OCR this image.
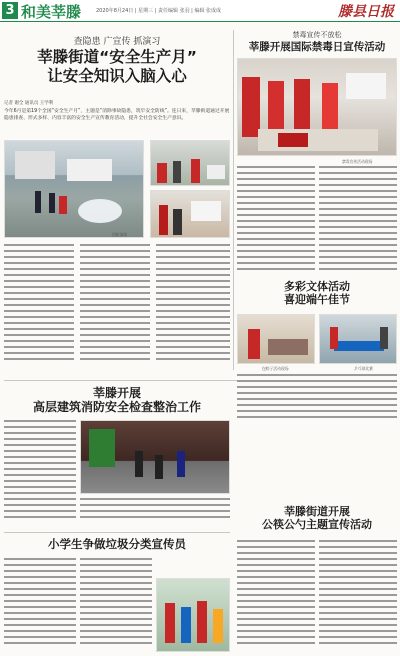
3 和美莘滕	2020年8月24日 | 星期三 | 责任编辑 张羽 | 编辑 张成成	滕县日报
查隐患 广宣传 抓演习
莘滕街道“安全生产月”
让安全知识入脑入心
记者 谢全 通讯员 王学利
今年6月是第19个全国“安全生产月”，主题是“消除事故隐患，筑牢安全防线”。连日来，莘滕街道通过开展隐患排查、形式多样、内容丰富的安全生产宣传教育活动，提升全社会安全生产意识。
消防演练
禁毒宣传不放松
莘滕开展国际禁毒日宣传活动
禁毒宣传活动现场
多彩文体活动
喜迎端午佳节
包粽子活动现场	乒乓球比赛
莘滕开展
高层建筑消防安全检查整治工作
莘滕街道开展
公筷公勺主题宣传活动
小学生争做垃圾分类宣传员
